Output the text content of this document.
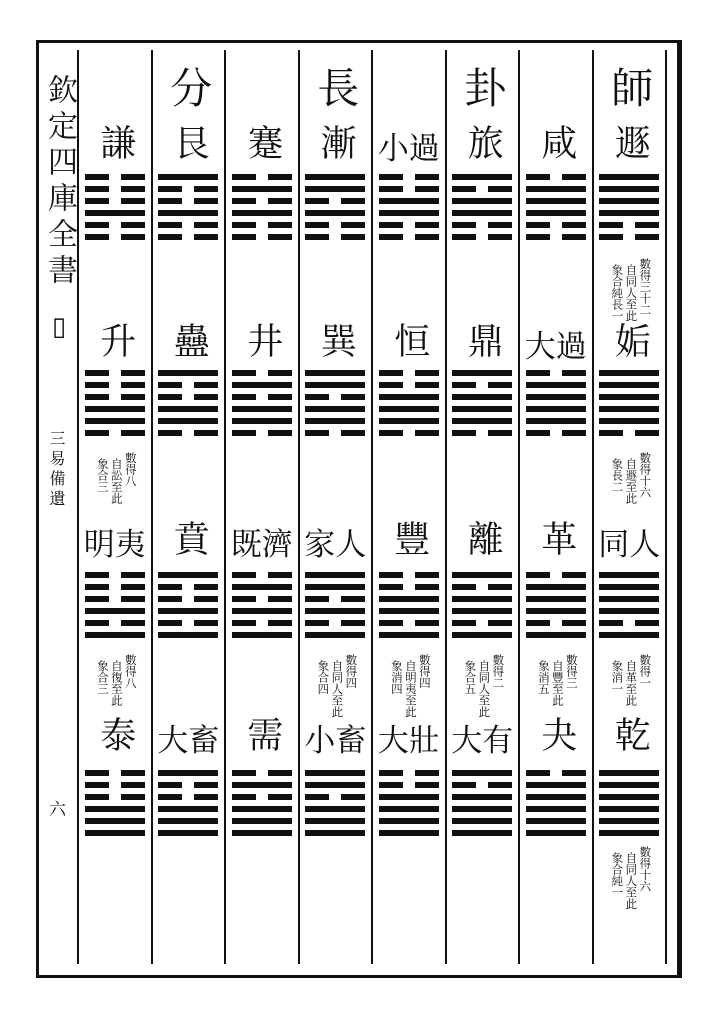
欽定四庫全書
▯
三易備遺
六
師
遯
數得三十二
自同人至此
象合純長一
姤
數得十六
自遯至此
象長二
同人
數得一
自革至此
象消一
乾
數得十六
自同人至此
象合純一
咸
大過
革
數得三
自豐至此
象消五
夬
卦
旅
鼎
離
數得二
自同人至此
象合五
大有
小過
恒
豐
數得四
自明夷至此
象消四
大壯
長
漸
巽
家人
數得四
自同人至此
象合四
小畜
蹇
井
既濟
需
分
艮
蠱
賁
大畜
謙
升
數得八
自訟至此
象合三
明夷
數得八
自復至此
象合三
泰
